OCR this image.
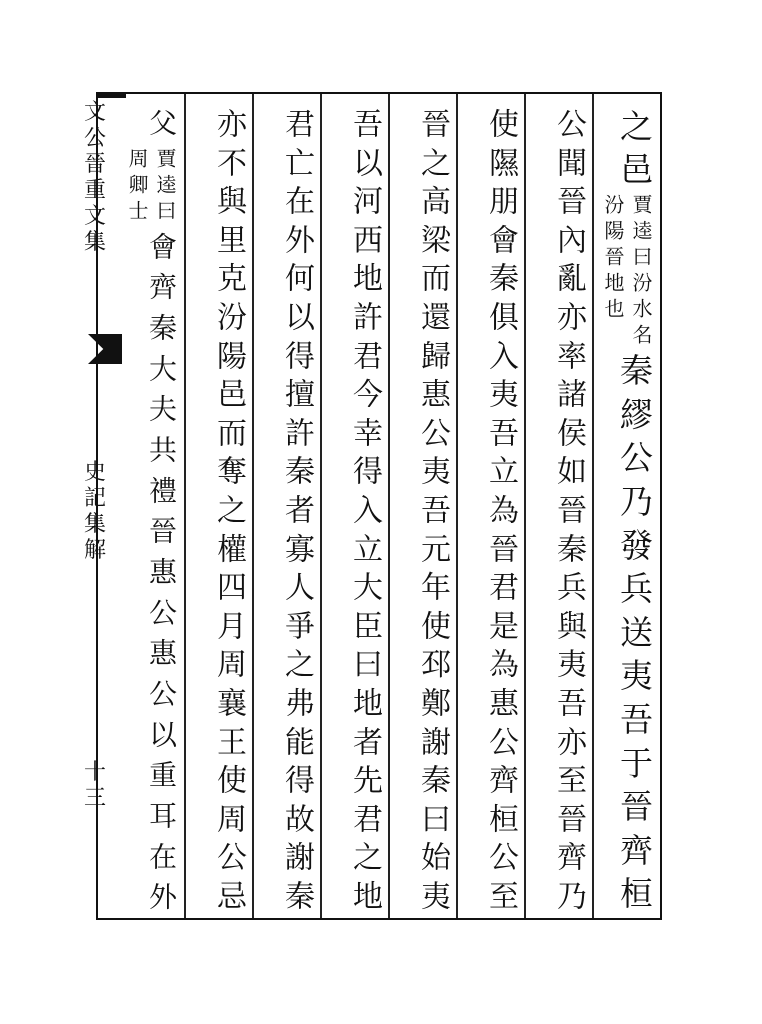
之
邑
賈
逵
曰
汾
水
名
汾
陽
晉
地
也
秦
繆
公
乃
發
兵
送
夷
吾
于
晉
齊
桓
公
聞
晉
內
亂
亦
率
諸
侯
如
晉
秦
兵
與
夷
吾
亦
至
晉
齊
乃
使
隰
朋
會
秦
俱
入
夷
吾
立
為
晉
君
是
為
惠
公
齊
桓
公
至
晉
之
高
梁
而
還
歸
惠
公
夷
吾
元
年
使
邳
鄭
謝
秦
曰
始
夷
吾
以
河
西
地
許
君
今
幸
得
入
立
大
臣
曰
地
者
先
君
之
地
君
亡
在
外
何
以
得
擅
許
秦
者
寡
人
爭
之
弗
能
得
故
謝
秦
亦
不
與
里
克
汾
陽
邑
而
奪
之
權
四
月
周
襄
王
使
周
公
忌
父
賈
逵
曰
周
卿
士
會
齊
秦
大
夫
共
禮
晉
惠
公
惠
公
以
重
耳
在
外
文
公
晉
重
文
集
史
記
集
解
十
三
